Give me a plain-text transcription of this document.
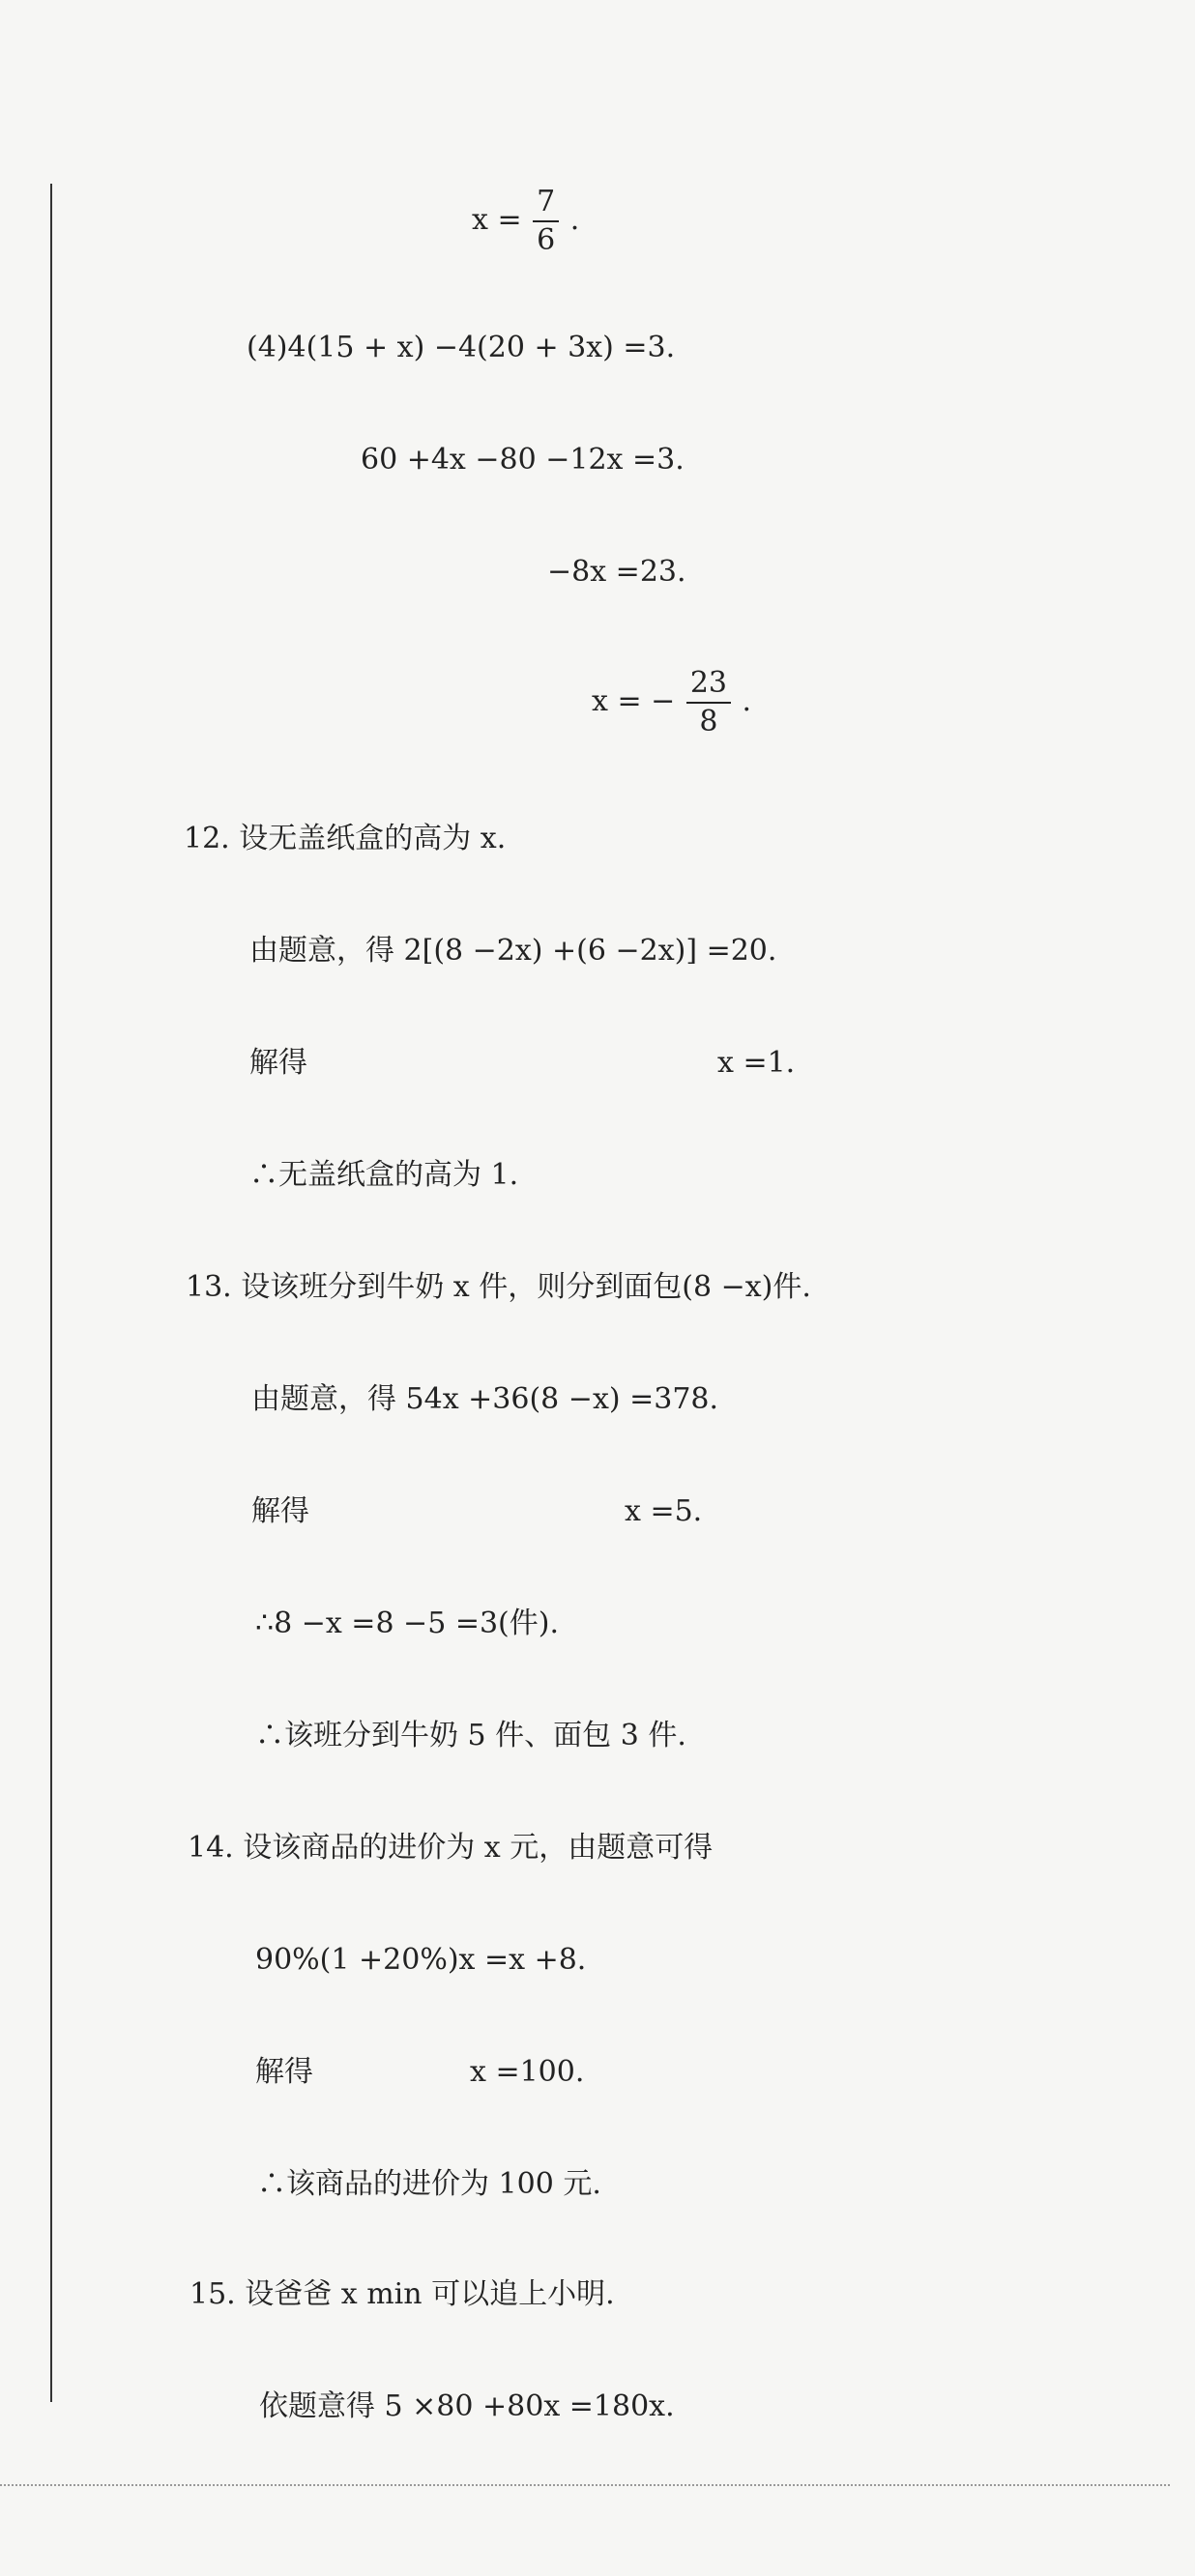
$x = \frac{7}{6}$ .
(4)4(15 + x) −4(20 + 3x) =3.
60 +4x −80 −12x =3.
−8x =23.
x = − $\frac{23}{8}$ .
12. 设无盖纸盒的高为 x.
由题意，得 2[(8 −2x) +(6 −2x)] =20.
解得	x =1.
∴无盖纸盒的高为 1.
13. 设该班分到牛奶 x 件，则分到面包(8 −x)件.
由题意，得 54x +36(8 −x) =378.
解得	x =5.
∴8 −x =8 −5 =3(件).
∴该班分到牛奶 5 件、面包 3 件.
14. 设该商品的进价为 x 元，由题意可得
90%(1 +20%)x =x +8.
解得	x =100.
∴该商品的进价为 100 元.
15. 设爸爸 x min 可以追上小明.
依题意得 5 ×80 +80x =180x.
